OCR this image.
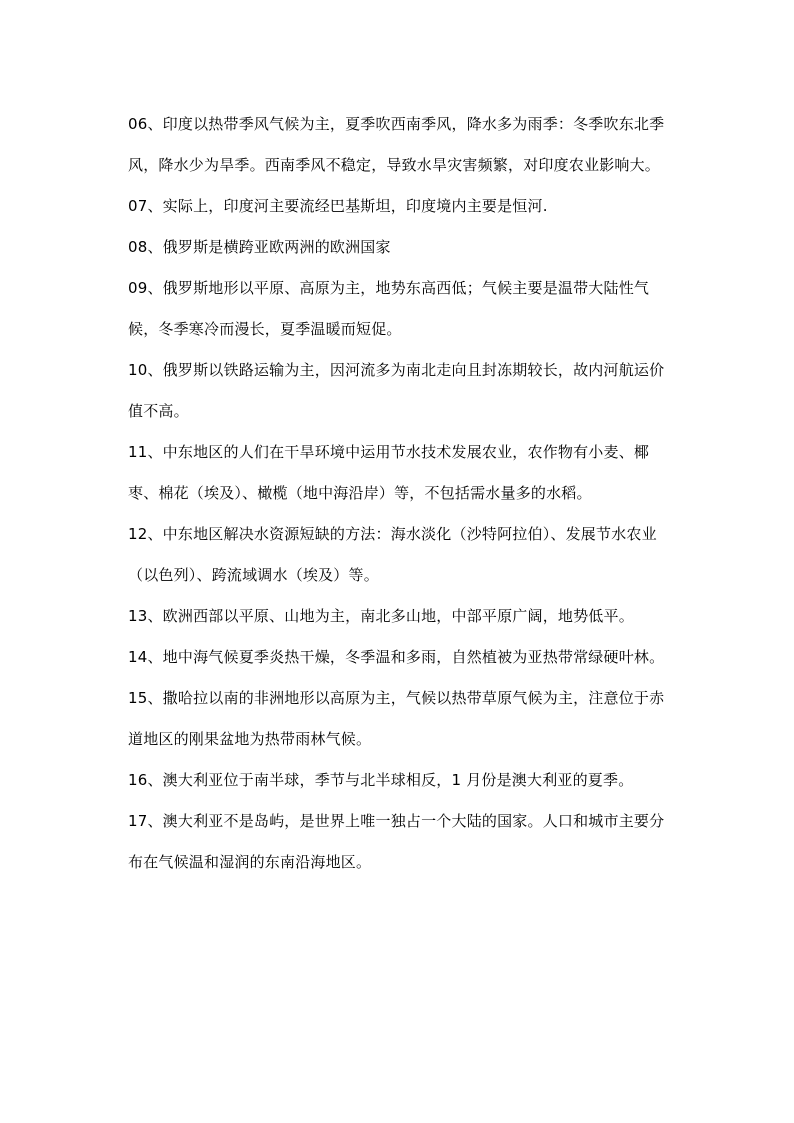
06、印度以热带季风气候为主，夏季吹西南季风，降水多为雨季：冬季吹东北季风，降水少为旱季。西南季风不稳定，导致水旱灾害频繁，对印度农业影响大。

07、实际上，印度河主要流经巴基斯坦，印度境内主要是恒河.

08、俄罗斯是横跨亚欧两洲的欧洲国家

09、俄罗斯地形以平原、高原为主，地势东高西低；气候主要是温带大陆性气候，冬季寒冷而漫长，夏季温暖而短促。

10、俄罗斯以铁路运输为主，因河流多为南北走向且封冻期较长，故内河航运价值不高。

11、中东地区的人们在干旱环境中运用节水技术发展农业，农作物有小麦、椰枣、棉花（埃及）、橄榄（地中海沿岸）等，不包括需水量多的水稻。

12、中东地区解决水资源短缺的方法：海水淡化（沙特阿拉伯）、发展节水农业（以色列）、跨流域调水（埃及）等。

13、欧洲西部以平原、山地为主，南北多山地，中部平原广阔，地势低平。

14、地中海气候夏季炎热干燥，冬季温和多雨，自然植被为亚热带常绿硬叶林。

15、撒哈拉以南的非洲地形以高原为主，气候以热带草原气候为主，注意位于赤道地区的刚果盆地为热带雨林气候。

16、澳大利亚位于南半球，季节与北半球相反，1 月份是澳大利亚的夏季。

17、澳大利亚不是岛屿，是世界上唯一独占一个大陆的国家。人口和城市主要分布在气候温和湿润的东南沿海地区。
